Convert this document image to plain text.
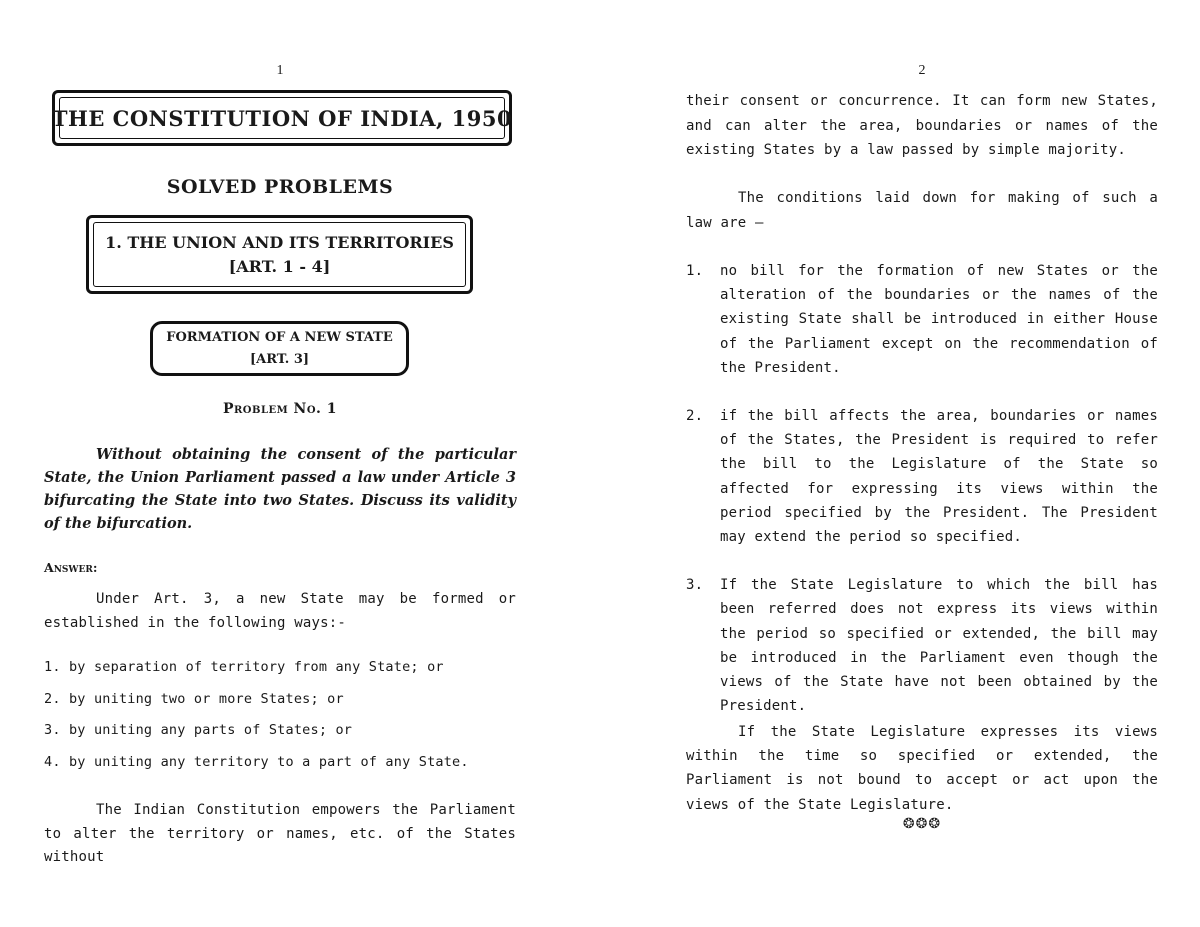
1
THE CONSTITUTION OF INDIA, 1950
SOLVED PROBLEMS
1. THE UNION AND ITS TERRITORIES
[ART. 1 - 4]
FORMATION OF A NEW STATE
[ART. 3]
Problem No. 1
Without obtaining the consent of the particular State, the Union Parliament passed a law under Article 3 bifurcating the State into two States. Discuss its validity of the bifurcation.
Answer:
Under Art. 3, a new State may be formed or established in the following ways:-
1. by separation of territory from any State; or
2. by uniting two or more States; or
3. by uniting any parts of States; or
4. by uniting any territory to a part of any State.
The Indian Constitution empowers the Parliament to alter the territory or names, etc. of the States without
2
their consent or concurrence. It can form new States, and can alter the area, boundaries or names of the existing States by a law passed by simple majority.
The conditions laid down for making of such a law are –
1. no bill for the formation of new States or the alteration of the boundaries or the names of the existing State shall be introduced in either House of the Parliament except on the recommendation of the President.
2. if the bill affects the area, boundaries or names of the States, the President is required to refer the bill to the Legislature of the State so affected for expressing its views within the period specified by the President. The President may extend the period so specified.
3. If the State Legislature to which the bill has been referred does not express its views within the period so specified or extended, the bill may be introduced in the Parliament even though the views of the State have not been obtained by the President.
If the State Legislature expresses its views within the time so specified or extended, the Parliament is not bound to accept or act upon the views of the State Legislature.
❂❂❂
